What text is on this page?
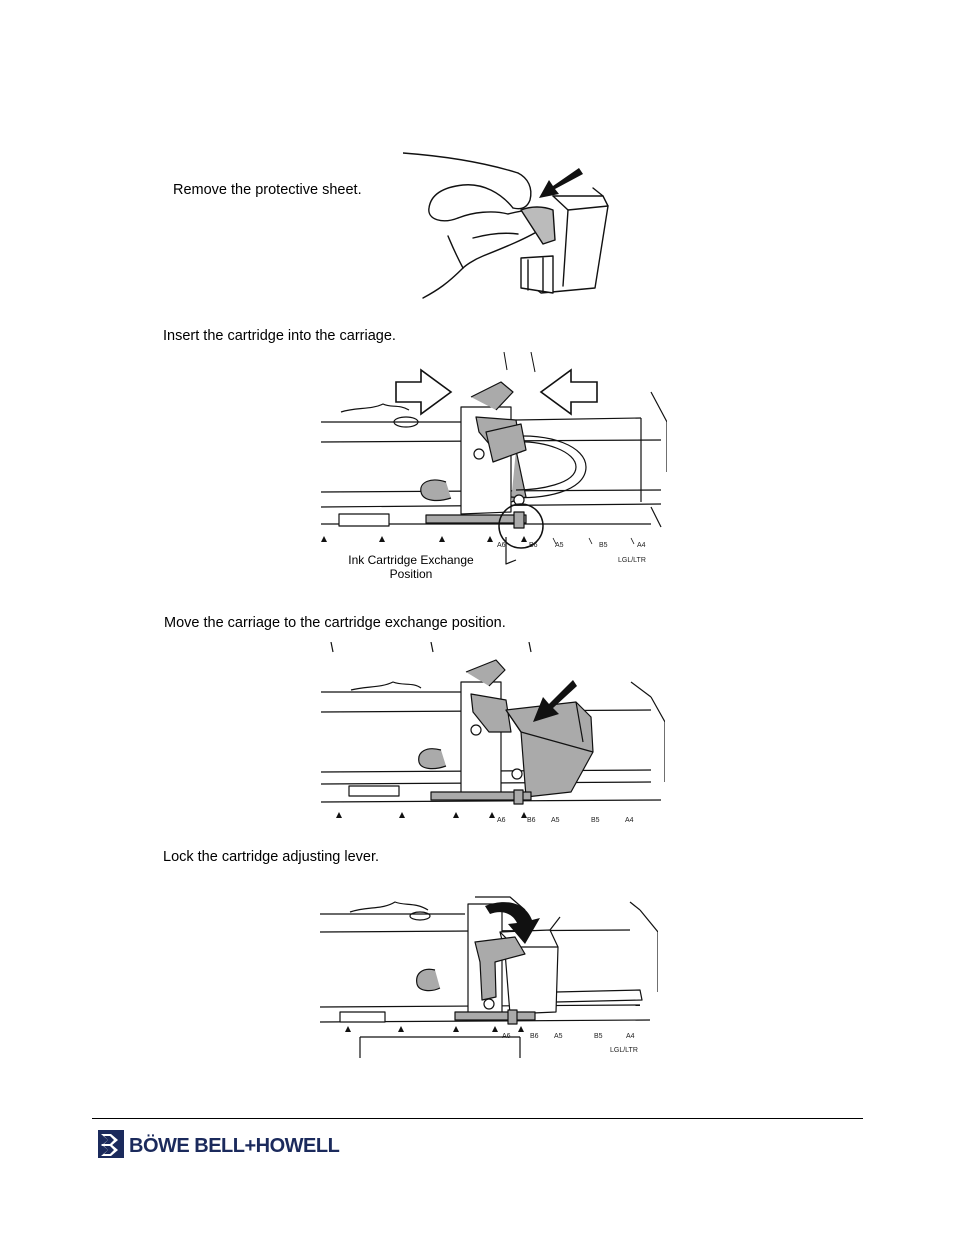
Remove the protective sheet.
Insert the cartridge into the carriage.
A6	B6 A5	B5	A4
LGL/LTR
Ink Cartridge Exchange
Position
Move the carriage to the cartridge exchange position.
A6	B6 A5	B5	A4
Lock the cartridge adjusting lever.
A6	B6 A5	B5	A4
LGL/LTR
BÖWE BELL+HOWELL
